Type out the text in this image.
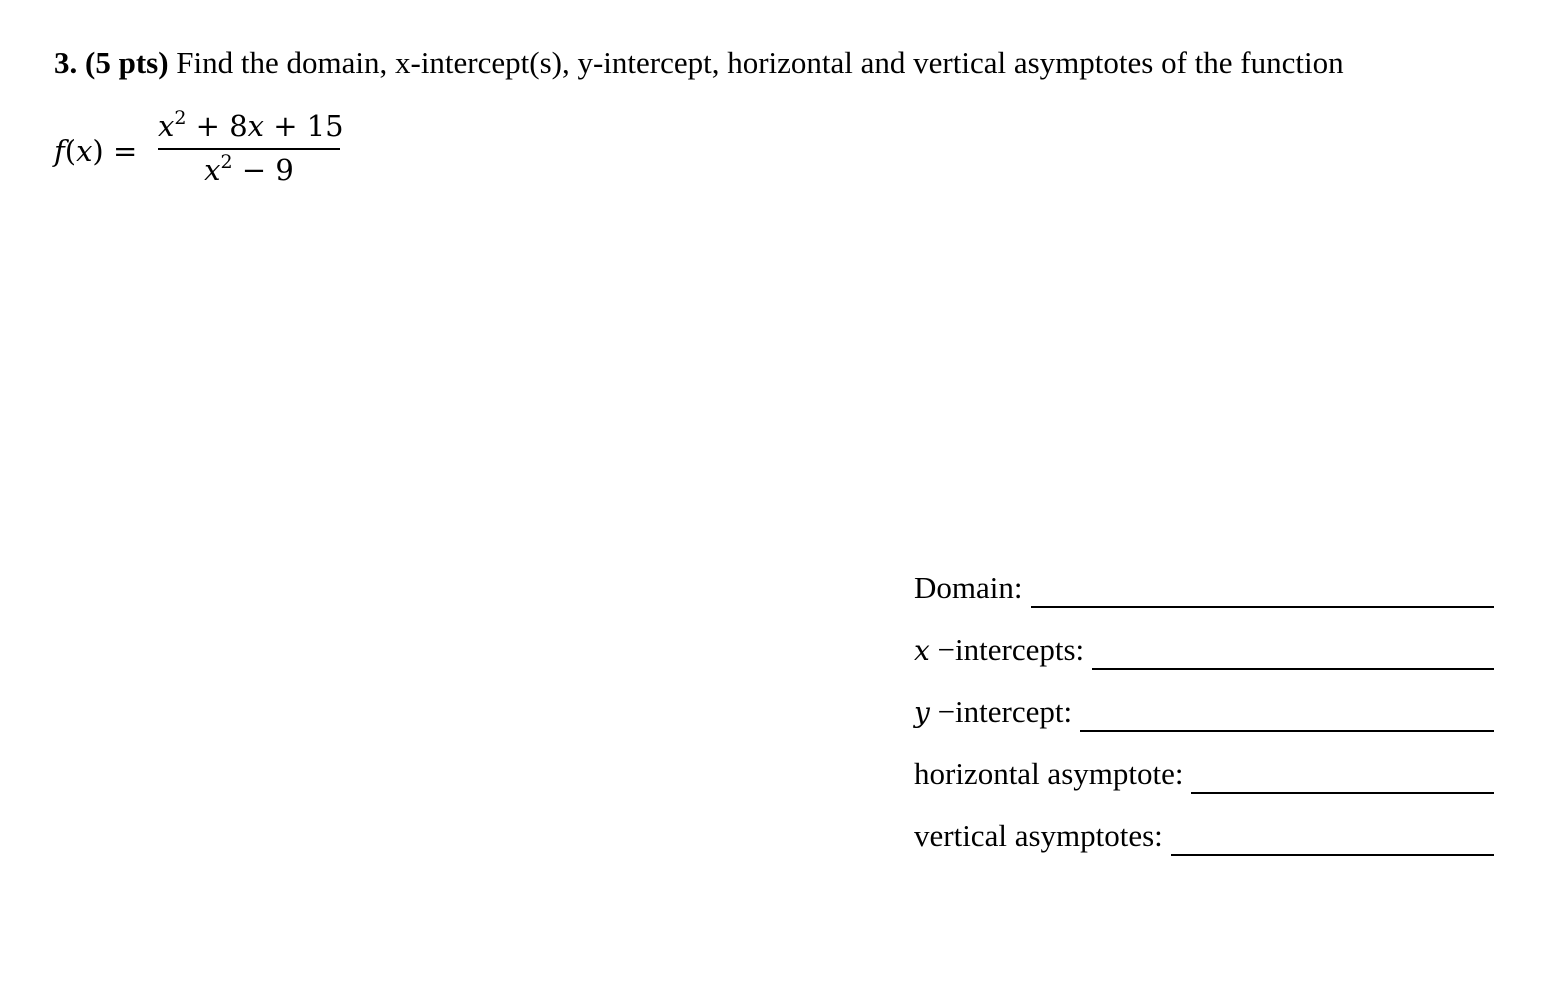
3. (5 pts) Find the domain, x-intercept(s), y-intercept, horizontal and vertical asymptotes of the function
f(x) =
$x^2 + 8x + 15$
$x^2 - 9$
Domain:
x −intercepts:
y −intercept:
horizontal asymptote:
vertical asymptotes:
